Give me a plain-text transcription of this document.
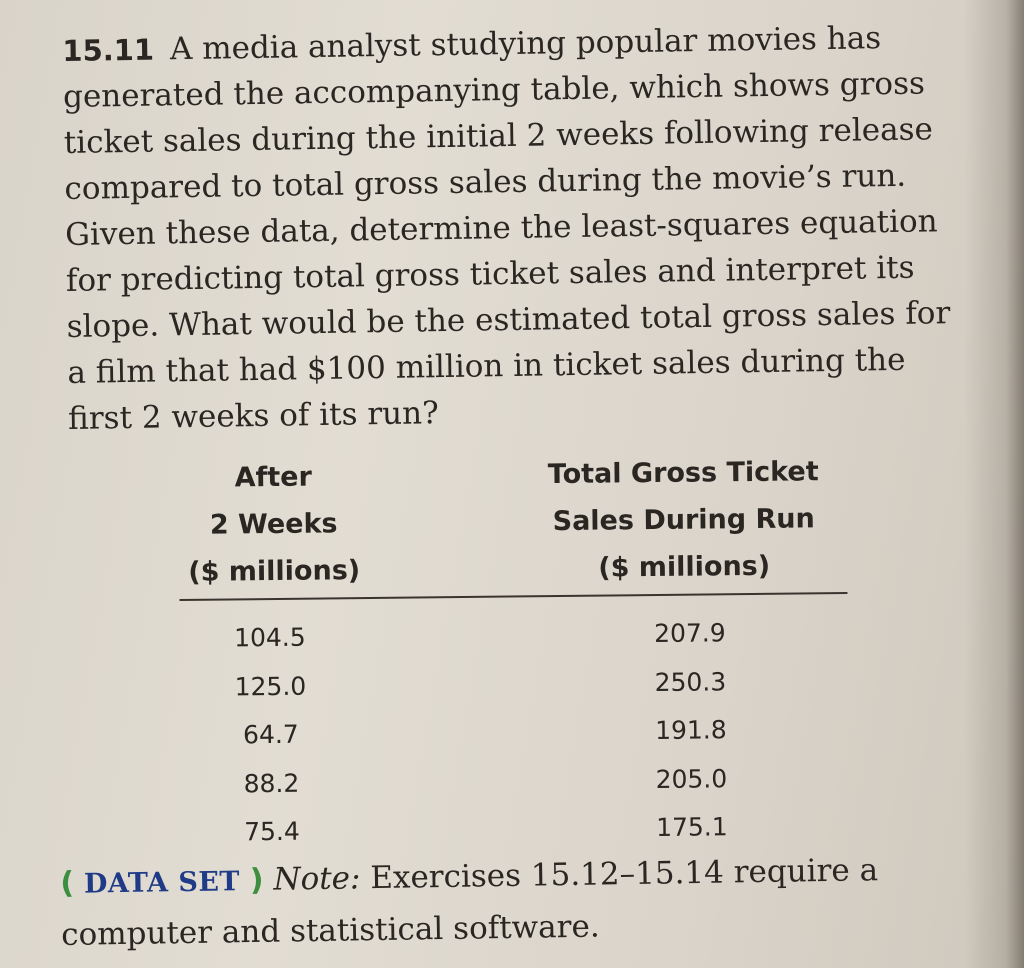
15.11 A media analyst studying popular movies has generated the accompanying table, which shows gross ticket sales during the initial 2 weeks following release compared to total gross sales during the movie’s run. Given these data, determine the least-squares equation for predicting total gross ticket sales and interpret its slope. What would be the estimated total gross sales for a film that had $100 million in ticket sales during the first 2 weeks of its run?
After
2 Weeks
($ millions)
Total Gross Ticket
Sales During Run
($ millions)
104.5
125.0
64.7
88.2
75.4
207.9
250.3
191.8
205.0
175.1
( DATA SET ) Note: Exercises 15.12–15.14 require a computer and statistical software.
